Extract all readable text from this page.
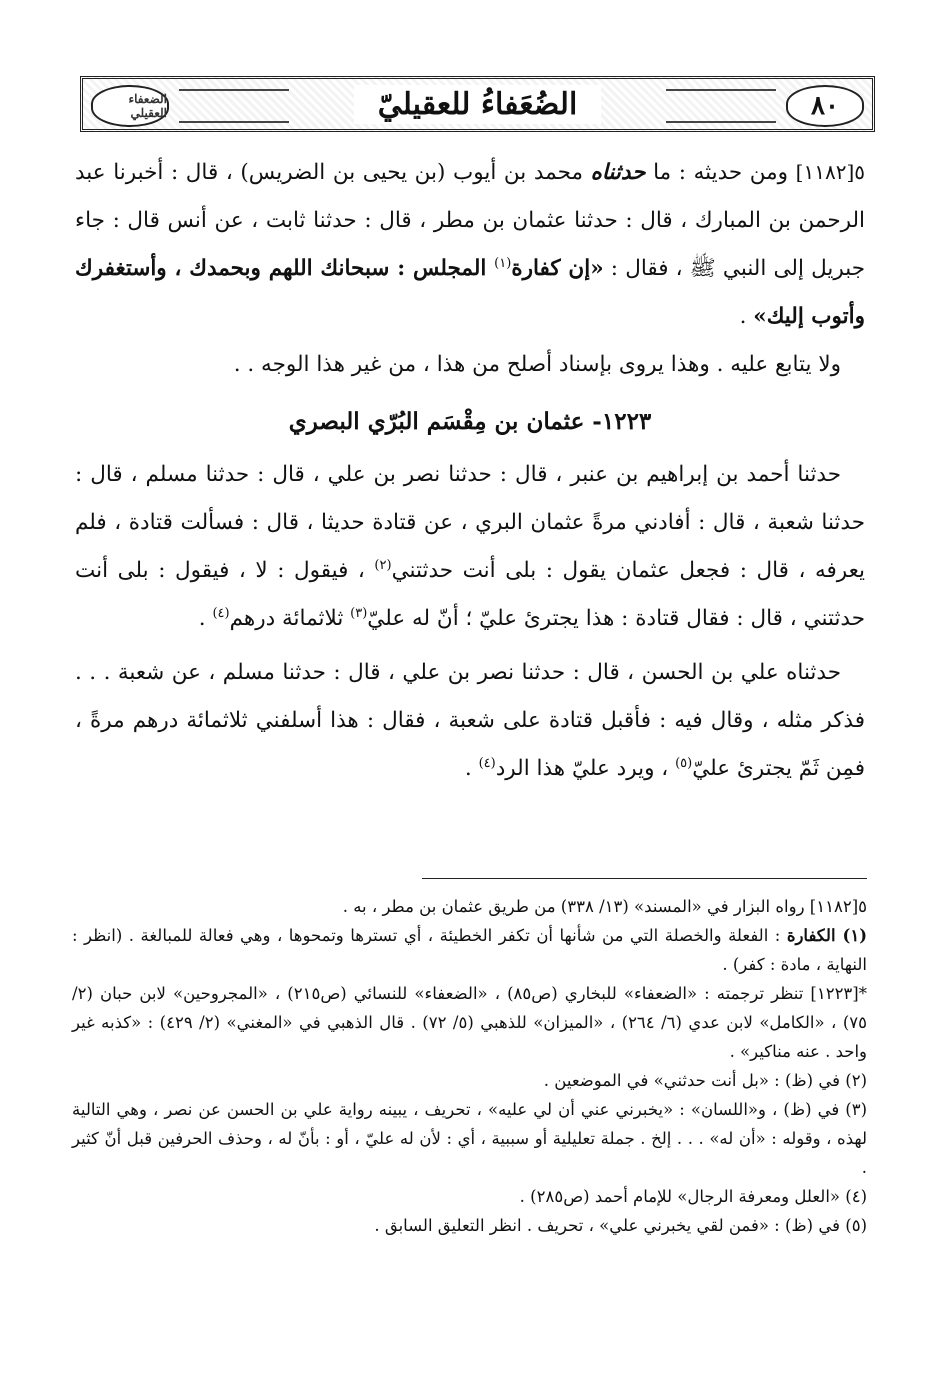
٨٠
الضُعَفاءُ للعقيليّ
الضعفاء العقيلي

٥[١١٨٢] ومن حديثه : ما حدثناه محمد بن أيوب (بن يحيى بن الضريس) ، قال : أخبرنا عبد الرحمن بن المبارك ، قال : حدثنا عثمان بن مطر ، قال : حدثنا ثابت ، عن أنس قال : جاء جبريل إلى النبي ﷺ ، فقال : «إن كفارة$^{(١)}$ المجلس : سبحانك اللهم وبحمدك ، وأستغفرك وأتوب إليك» .

ولا يتابع عليه . وهذا يروى بإسناد أصلح من هذا ، من غير هذا الوجه . .

١٢٢٣- عثمان بن مِقْسَم البُرّي البصري

حدثنا أحمد بن إبراهيم بن عنبر ، قال : حدثنا نصر بن علي ، قال : حدثنا مسلم ، قال : حدثنا شعبة ، قال : أفادني مرةً عثمان البري ، عن قتادة حديثا ، قال : فسألت قتادة ، فلم يعرفه ، قال : فجعل عثمان يقول : بلى أنت حدثتني$^{(٢)}$ ، فيقول : لا ، فيقول : بلى أنت حدثتني ، قال : فقال قتادة : هذا يجترئ عليّ ؛ أنّ له عليّ$^{(٣)}$ ثلاثمائة درهم$^{(٤)}$ .

حدثناه علي بن الحسن ، قال : حدثنا نصر بن علي ، قال : حدثنا مسلم ، عن شعبة . . . فذكر مثله ، وقال فيه : فأقبل قتادة على شعبة ، فقال : هذا أسلفني ثلاثمائة درهم مرةً ، فمِن ثَمّ يجترئ عليّ$^{(٥)}$ ، ويرد عليّ هذا الرد$^{(٤)}$ .

٥[١١٨٢] رواه البزار في «المسند» (١٣/ ٣٣٨) من طريق عثمان بن مطر ، به .

(١) الكفارة : الفعلة والخصلة التي من شأنها أن تكفر الخطيئة ، أي تسترها وتمحوها ، وهي فعالة للمبالغة . (انظر : النهاية ، مادة : كفر) .

*[١٢٢٣] تنظر ترجمته : «الضعفاء» للبخاري (ص٨٥) ، «الضعفاء» للنسائي (ص٢١٥) ، «المجروحين» لابن حبان (٢/ ٧٥) ، «الكامل» لابن عدي (٦/ ٢٦٤) ، «الميزان» للذهبي (٥/ ٧٢) . قال الذهبي في «المغني» (٢/ ٤٢٩) : «كذبه غير واحد . عنه مناكير» .

(٢) في (ظ) : «بل أنت حدثني» في الموضعين .

(٣) في (ظ) ، و«اللسان» : «يخبرني عني أن لي عليه» ، تحريف ، يبينه رواية علي بن الحسن عن نصر ، وهي التالية لهذه ، وقوله : «أن له» . . . إلخ . جملة تعليلية أو سببية ، أي : لأن له عليّ ، أو : بأنّ له ، وحذف الحرفين قبل أنّ كثير .

(٤) «العلل ومعرفة الرجال» للإمام أحمد (ص٢٨٥) .

(٥) في (ظ) : «فمن لقي يخبرني علي» ، تحريف . انظر التعليق السابق .
